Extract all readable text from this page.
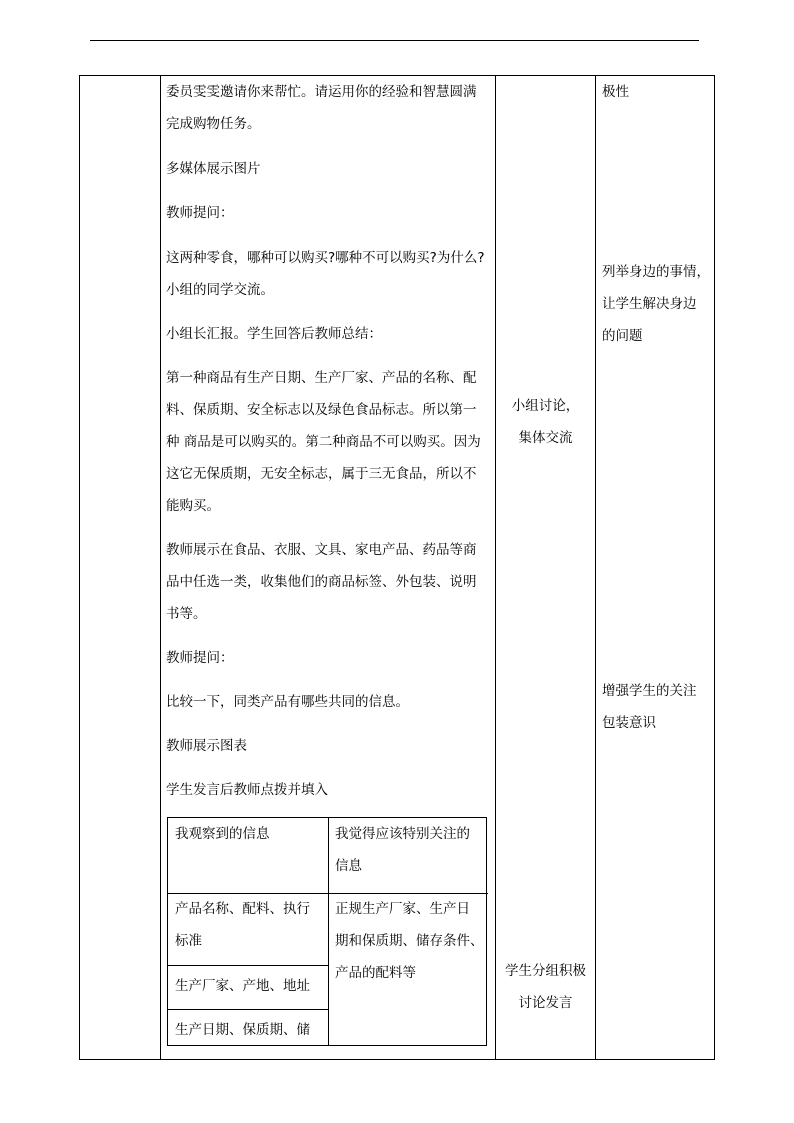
委员雯雯邀请你来帮忙。请运用你的经验和智慧圆满
完成购物任务。
多媒体展示图片
教师提问：
这两种零食，哪种可以购买?哪种不可以购买?为什么?
小组的同学交流。
小组长汇报。学生回答后教师总结：
第一种商品有生产日期、生产厂家、产品的名称、配
料、保质期、安全标志以及绿色食品标志。所以第一
种 商品是可以购买的。第二种商品不可以购买。因为
这它无保质期，无安全标志，属于三无食品，所以不
能购买。
教师展示在食品、衣服、文具、家电产品、药品等商
品中任选一类，收集他们的商品标签、外包装、说明
书等。
教师提问：
比较一下，同类产品有哪些共同的信息。
教师展示图表
学生发言后教师点拨并填入
我观察到的信息	我觉得应该特别关注的
信息
产品名称、配料、执行
标准
生产厂家、产地、地址
生产日期、保质期、储
正规生产厂家、生产日
期和保质期、储存条件、
产品的配料等
小组讨论，
集体交流
学生分组积极
讨论发言
极性
列举身边的事情，
让学生解决身边
的问题
增强学生的关注
包装意识
